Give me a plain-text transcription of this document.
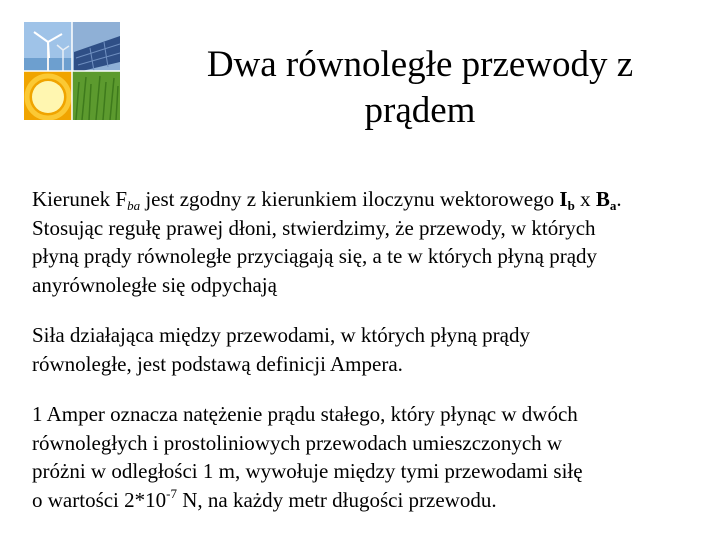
Dwa równoległe przewody z
prądem
Kierunek $F_{ba}$ jest zgodny z kierunkiem iloczynu wektorowego $I_b$ x $B_a$.
Stosując regułę prawej dłoni, stwierdzimy, że przewody, w których
płyną prądy równoległe przyciągają się, a te w których płyną prądy
anyrównoległe się odpychają
Siła działająca między przewodami, w których płyną prądy
równoległe, jest podstawą definicji Ampera.
1 Amper oznacza natężenie prądu stałego, który płynąc w dwóch
równoległych i prostoliniowych przewodach umieszczonych w
próżni w odległości 1 m, wywołuje między tymi przewodami siłę
o wartości $2*10^{-7}$ N, na każdy metr długości przewodu.
